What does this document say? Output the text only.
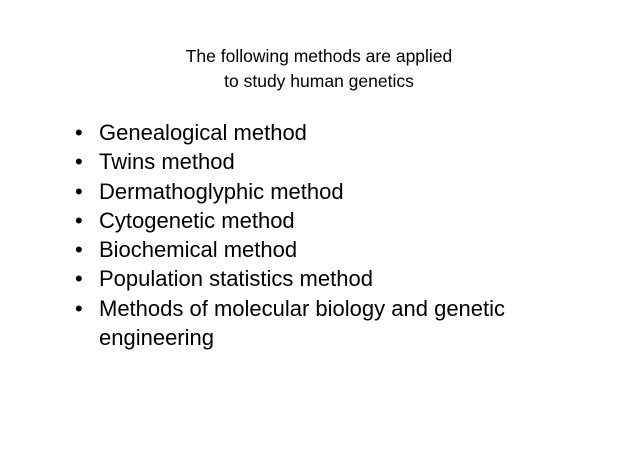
The following methods are applied
to study human genetics
• Genealogical method
• Twins method
• Dermathoglyphic method
• Cytogenetic method
• Biochemical method
• Population statistics method
• Methods of molecular biology and genetic engineering
